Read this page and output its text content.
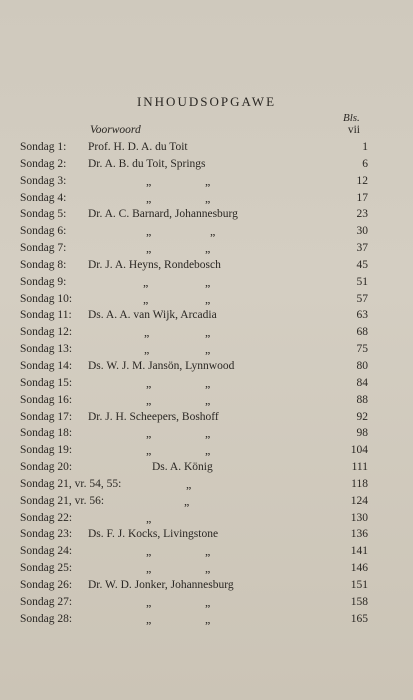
INHOUDSOPGAWE
Bls.
Voorwoord	vii
Sondag 1: Prof. H. D. A. du Toit	1
Sondag 2: Dr. A. B. du Toit, Springs	6
Sondag 3:	„	„	12
Sondag 4:	„	„	17
Sondag 5: Dr. A. C. Barnard, Johannesburg	23
Sondag 6:	„	„	30
Sondag 7:	„	„	37
Sondag 8: Dr. J. A. Heyns, Rondebosch	45
Sondag 9:	„	„	51
Sondag 10:	„	„	57
Sondag 11: Ds. A. A. van Wijk, Arcadia	63
Sondag 12:	„	„	68
Sondag 13:	„	„	75
Sondag 14: Ds. W. J. M. Jansön, Lynnwood	80
Sondag 15:	„	„	84
Sondag 16:	„	„	88
Sondag 17: Dr. J. H. Scheepers, Boshoff	92
Sondag 18:	„	„	98
Sondag 19:	„	„	104
Sondag 20:	Ds. A. König	111
Sondag 21, vr. 54, 55:	„	118
Sondag 21, vr. 56:	„	124
Sondag 22:	„	130
Sondag 23: Ds. F. J. Kocks, Livingstone	136
Sondag 24:	„	„	141
Sondag 25:	„	„	146
Sondag 26: Dr. W. D. Jonker, Johannesburg	151
Sondag 27:	„	„	158
Sondag 28:	„	„	165
